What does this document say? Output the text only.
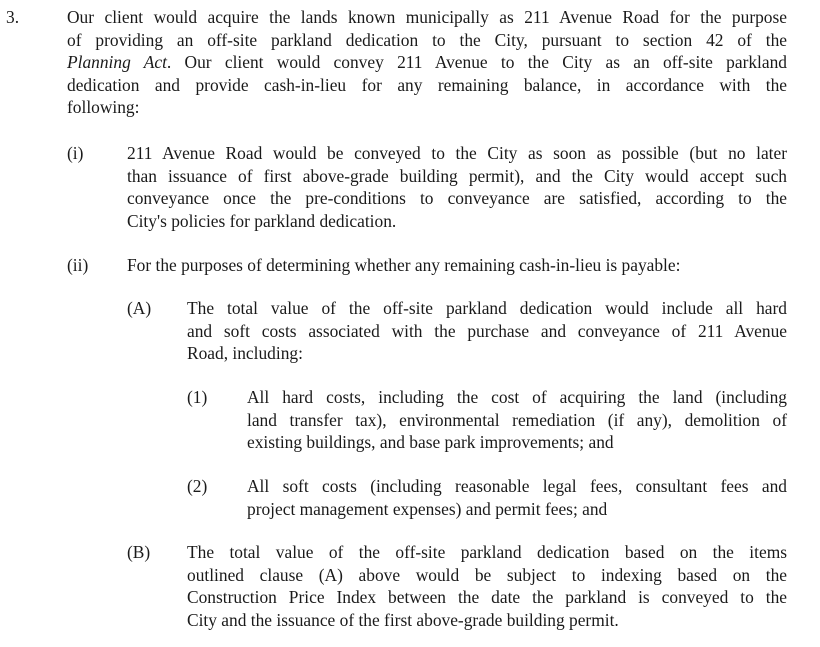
3.	Our client would acquire the lands known municipally as 211 Avenue Road for the purpose
of providing an off-site parkland dedication to the City, pursuant to section 42 of the
Planning Act. Our client would convey 211 Avenue to the City as an off-site parkland
dedication and provide cash-in-lieu for any remaining balance, in accordance with the
following:
(i)	211 Avenue Road would be conveyed to the City as soon as possible (but no later
than issuance of first above-grade building permit), and the City would accept such
conveyance once the pre-conditions to conveyance are satisfied, according to the
City's policies for parkland dedication.
(ii) For the purposes of determining whether any remaining cash-in-lieu is payable:
(A) The total value of the off-site parkland dedication would include all hard
and soft costs associated with the purchase and conveyance of 211 Avenue
Road, including:
(1) All hard costs, including the cost of acquiring the land (including
land transfer tax), environmental remediation (if any), demolition of
existing buildings, and base park improvements; and
(2) All soft costs (including reasonable legal fees, consultant fees and
project management expenses) and permit fees; and
(B) The total value of the off-site parkland dedication based on the items
outlined clause (A) above would be subject to indexing based on the
Construction Price Index between the date the parkland is conveyed to the
City and the issuance of the first above-grade building permit.
